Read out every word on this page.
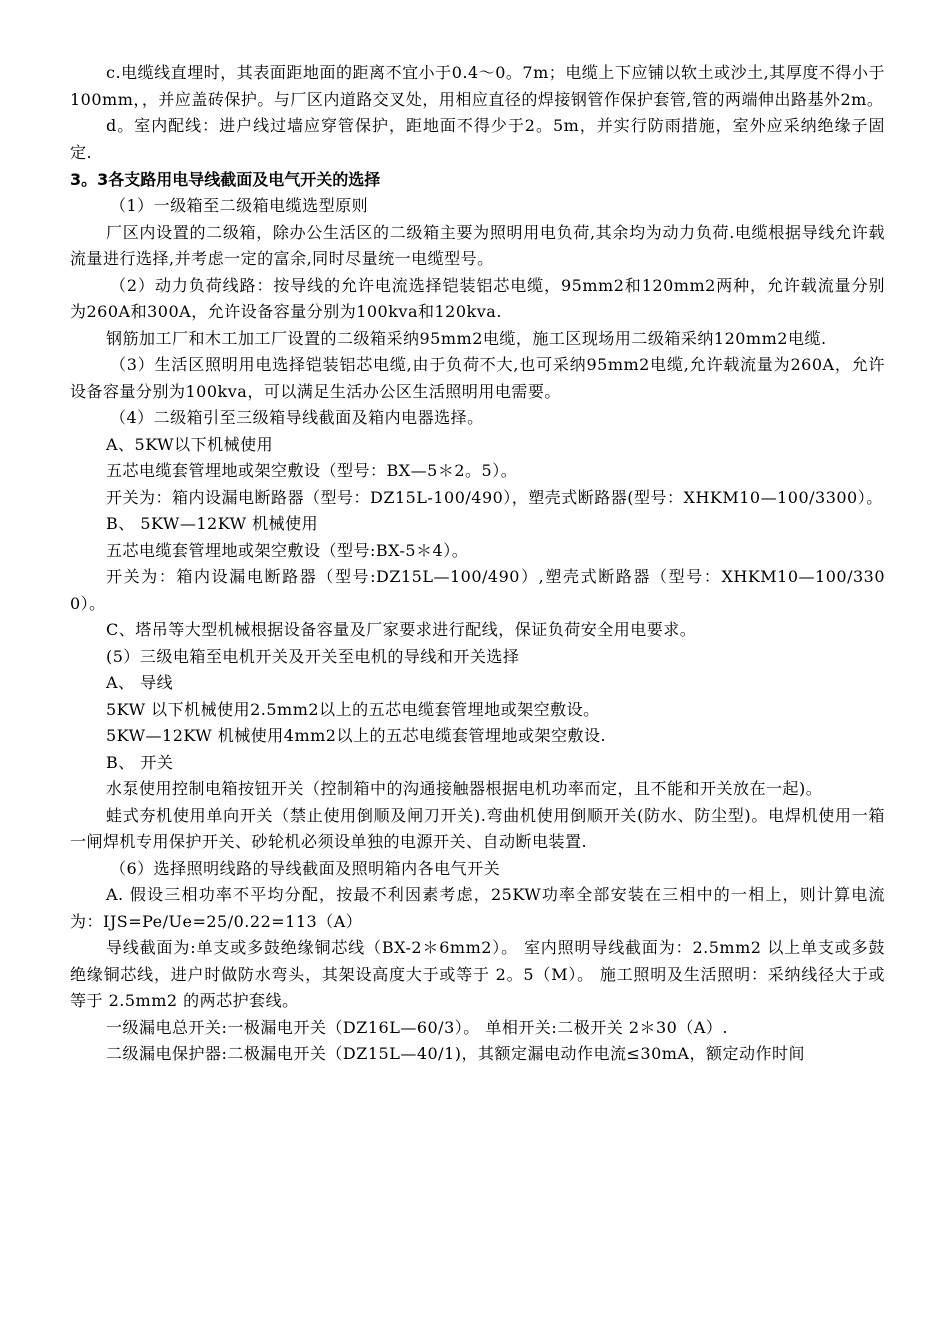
c.电缆线直埋时，其表面距地面的距离不宜小于0.4～0。7m；电缆上下应铺以软土或沙土,其厚度不得小于100mm，，并应盖砖保护。与厂区内道路交叉处，用相应直径的焊接钢管作保护套管,管的两端伸出路基外2m。

d。室内配线：进户线过墙应穿管保护，距地面不得少于2。5m，并实行防雨措施，室外应采纳绝缘子固定.

3。3各支路用电导线截面及电气开关的选择

（1）一级箱至二级箱电缆选型原则

厂区内设置的二级箱，除办公生活区的二级箱主要为照明用电负荷,其余均为动力负荷.电缆根据导线允许载流量进行选择,并考虑一定的富余,同时尽量统一电缆型号。

（2）动力负荷线路：按导线的允许电流选择铠装铝芯电缆，95mm2和120mm2两种，允许载流量分别为260A和300A，允许设备容量分别为100kva和120kva.

钢筋加工厂和木工加工厂设置的二级箱采纳95mm2电缆，施工区现场用二级箱采纳120mm2电缆.

（3）生活区照明用电选择铠装铝芯电缆,由于负荷不大,也可采纳95mm2电缆,允许载流量为260A，允许设备容量分别为100kva，可以满足生活办公区生活照明用电需要。

（4）二级箱引至三级箱导线截面及箱内电器选择。

A、5KW以下机械使用

五芯电缆套管埋地或架空敷设（型号：BX—5＊2。5）。

开关为：箱内设漏电断路器（型号：DZ15L-100/490），塑壳式断路器(型号：XHKM10—100/3300）。

B、 5KW—12KW 机械使用

五芯电缆套管埋地或架空敷设（型号:BX-5＊4）。

开关为：箱内设漏电断路器（型号:DZ15L—100/490）,塑壳式断路器（型号：XHKM10—100/3300）。

C、塔吊等大型机械根据设备容量及厂家要求进行配线，保证负荷安全用电要求。

(5）三级电箱至电机开关及开关至电机的导线和开关选择

A、 导线

5KW 以下机械使用2.5mm2以上的五芯电缆套管埋地或架空敷设。

5KW—12KW 机械使用4mm2以上的五芯电缆套管埋地或架空敷设.

B、 开关

水泵使用控制电箱按钮开关（控制箱中的沟通接触器根据电机功率而定，且不能和开关放在一起)。

蛙式夯机使用单向开关（禁止使用倒顺及闸刀开关).弯曲机使用倒顺开关(防水、防尘型)。电焊机使用一箱一闸焊机专用保护开关、砂轮机必须设单独的电源开关、自动断电装置.

（6）选择照明线路的导线截面及照明箱内各电气开关

A. 假设三相功率不平均分配，按最不利因素考虑，25KW功率全部安装在三相中的一相上，则计算电流为：IJS=Pe/Ue=25/0.22=113（A）

导线截面为:单支或多鼓绝缘铜芯线（BX-2＊6mm2）。 室内照明导线截面为：2.5mm2 以上单支或多鼓绝缘铜芯线，进户时做防水弯头，其架设高度大于或等于 2。5（M）。 施工照明及生活照明：采纳线径大于或等于 2.5mm2 的两芯护套线。

一级漏电总开关:一极漏电开关（DZ16L—60/3）。 单相开关:二极开关 2＊30（A）.

二级漏电保护器:二极漏电开关（DZ15L—40/1)，其额定漏电动作电流≤30mA，额定动作时间
